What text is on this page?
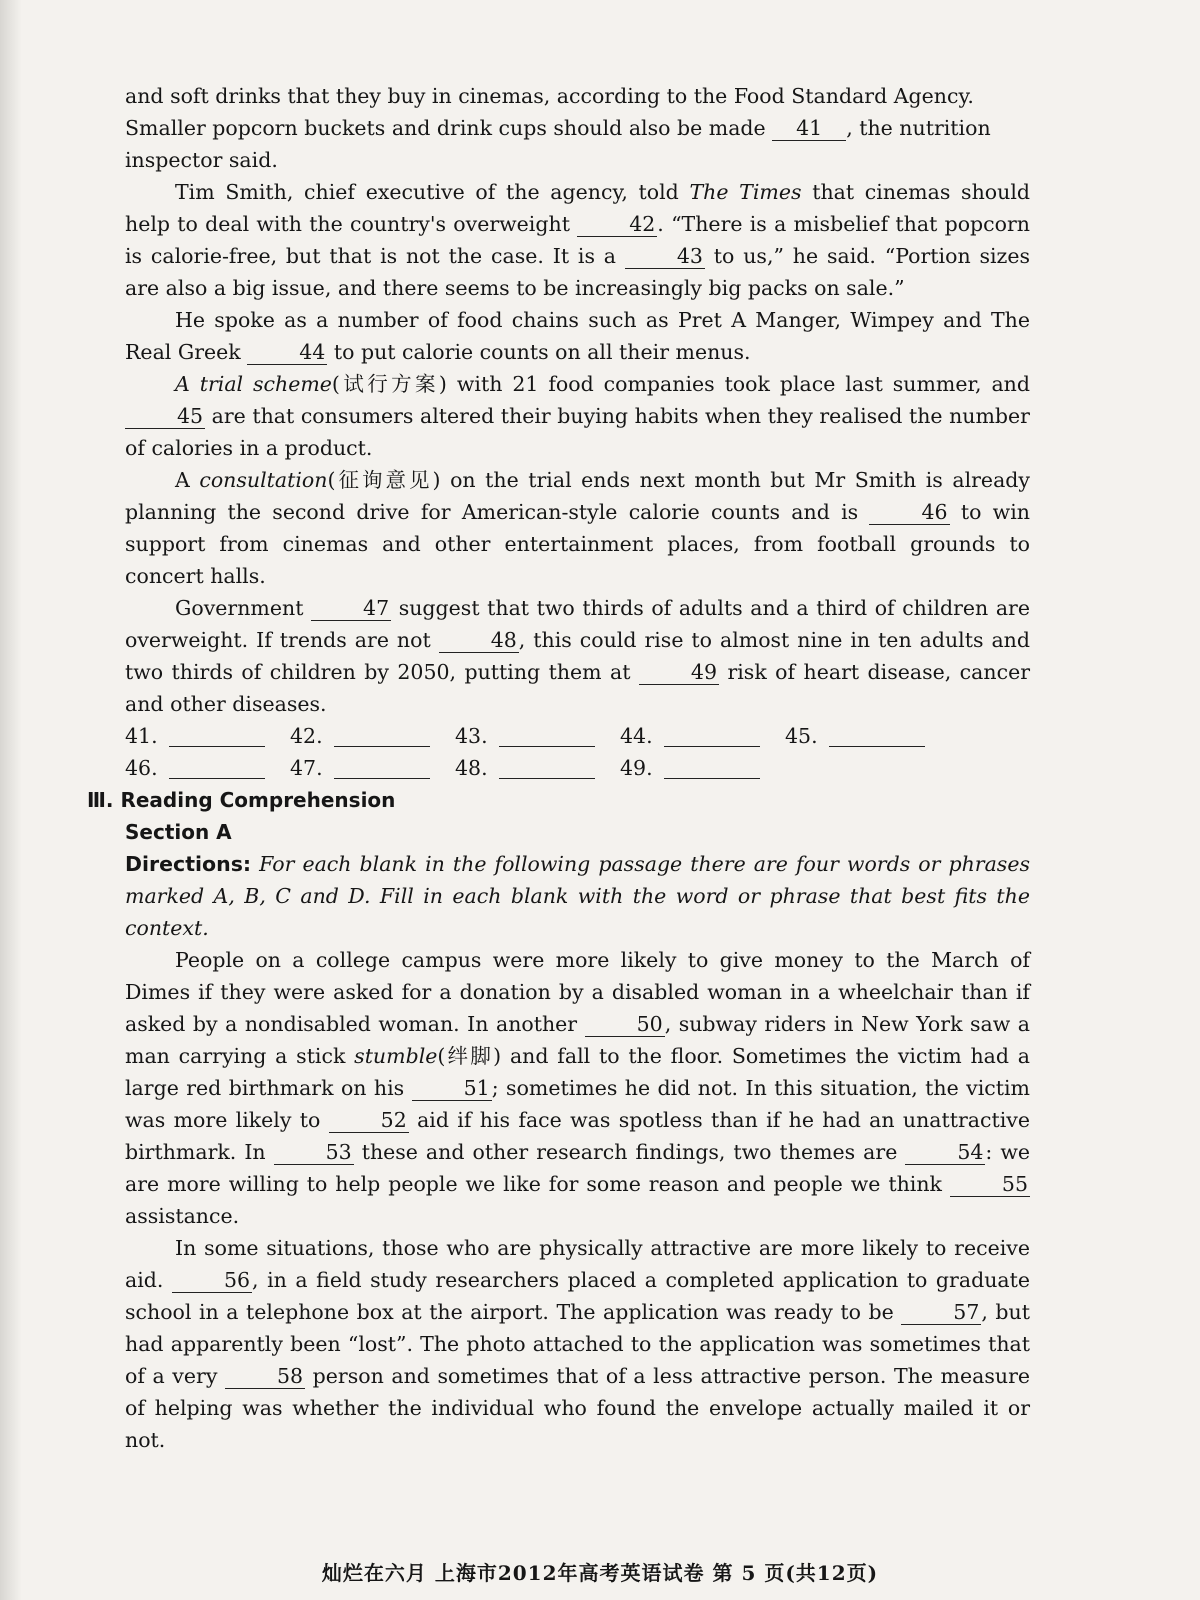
and soft drinks that they buy in cinemas, according to the Food Standard Agency.

Smaller popcorn buckets and drink cups should also be made 41 , the nutrition
inspector said.

Tim Smith, chief executive of the agency, told The Times that cinemas should help to deal with the country's overweight	42. “There is a misbelief that popcorn is calorie-free, but that is not the case. It is a	43 to us,” he said. “Portion sizes are also a big issue, and there seems to be increasingly big packs on sale.”

He spoke as a number of food chains such as Pret A Manger, Wimpey and The Real Greek	44 to put calorie counts on all their menus.

A trial scheme(试行方案) with 21 food companies took place last summer, and 45 are that consumers altered their buying habits when they realised the number of calories in a product.

A consultation(征询意见) on the trial ends next month but Mr Smith is already planning the second drive for American-style calorie counts and is	46 to win support from cinemas and other entertainment places, from football grounds to concert halls.

Government	47 suggest that two thirds of adults and a third of children are overweight. If trends are not	48, this could rise to almost nine in ten adults and two thirds of children by 2050, putting them at	49 risk of heart disease, cancer and other diseases.

41.	42.	43.	44.	45.
46.	47.	48.	49.

Ⅲ. Reading Comprehension

Section A

Directions: For each blank in the following passage there are four words or phrases marked A, B, C and D. Fill in each blank with the word or phrase that best fits the context.

People on a college campus were more likely to give money to the March of Dimes if they were asked for a donation by a disabled woman in a wheelchair than if asked by a nondisabled woman. In another	50, subway riders in New York saw a man carrying a stick stumble(绊脚) and fall to the floor. Sometimes the victim had a large red birthmark on his	51; sometimes he did not. In this situation, the victim was more likely to	52 aid if his face was spotless than if he had an unattractive birthmark. In	53 these and other research findings, two themes are	54: we are more willing to help people we like for some reason and people we think	55 assistance.

In some situations, those who are physically attractive are more likely to receive aid.	56, in a field study researchers placed a completed application to graduate school in a telephone box at the airport. The application was ready to be	57, but had apparently been “lost”. The photo attached to the application was sometimes that of a very	58 person and sometimes that of a less attractive person. The measure of helping was whether the individual who found the envelope actually mailed it or not.

灿烂在六月 上海市2012年高考英语试卷 第 5 页(共12页)
